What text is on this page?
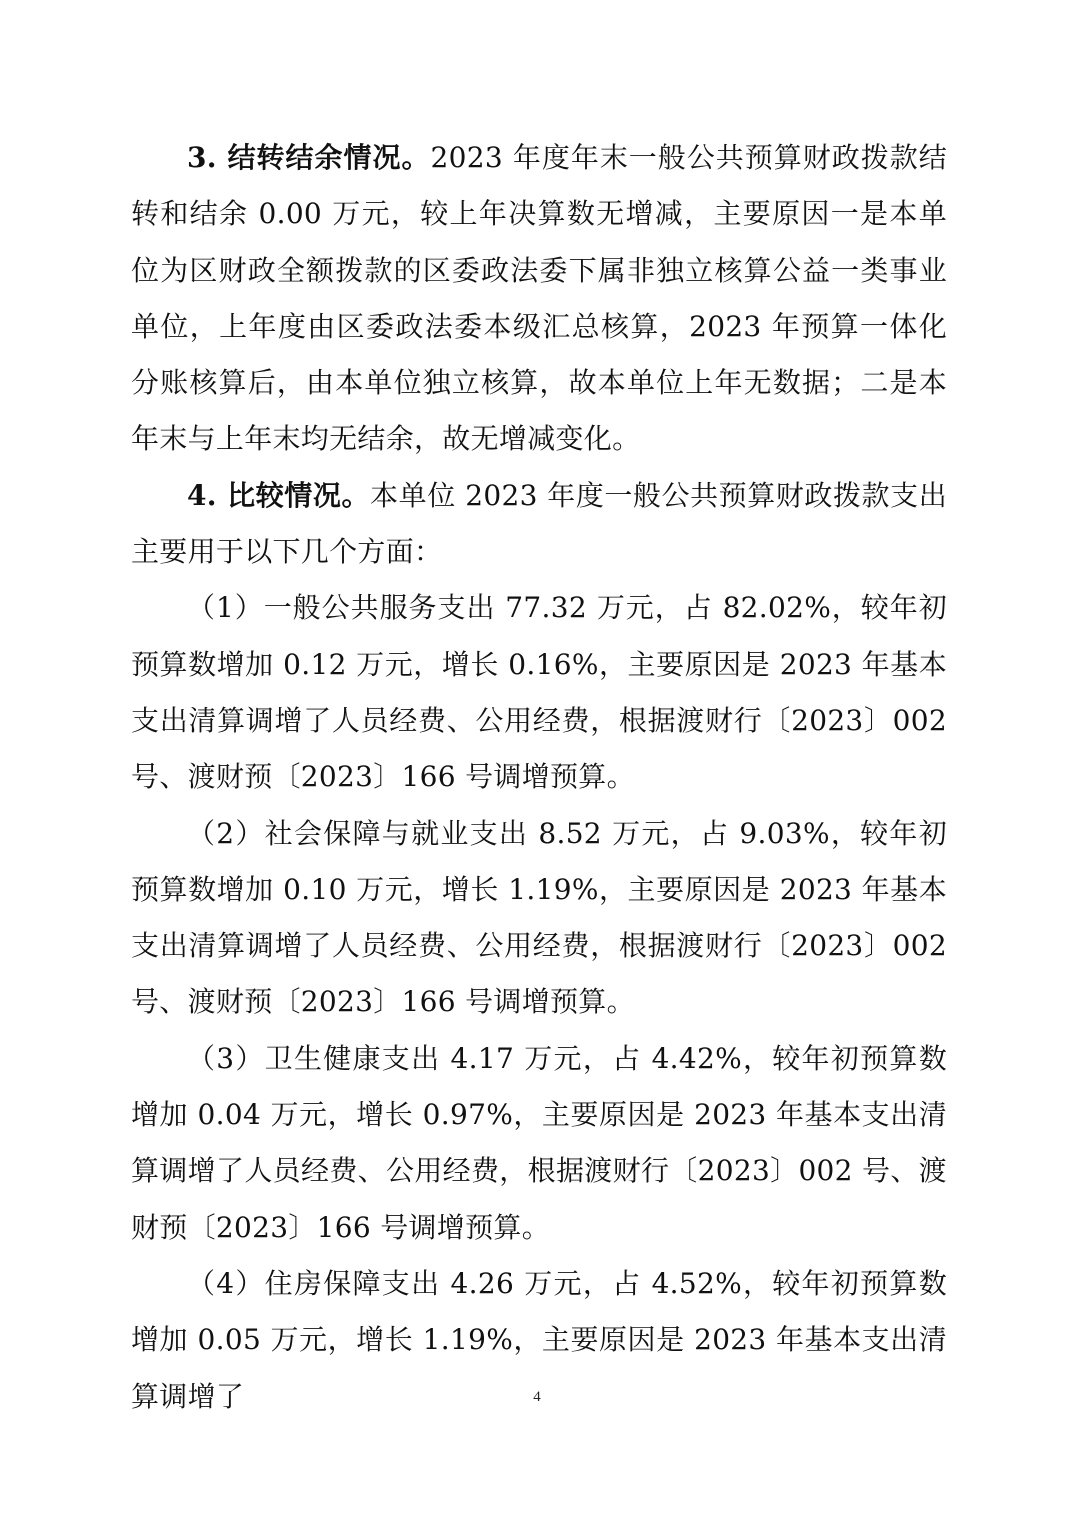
3. 结转结余情况。2023 年度年末一般公共预算财政拨款结转和结余 0.00 万元，较上年决算数无增减，主要原因一是本单位为区财政全额拨款的区委政法委下属非独立核算公益一类事业单位，上年度由区委政法委本级汇总核算，2023 年预算一体化分账核算后，由本单位独立核算，故本单位上年无数据；二是本年末与上年末均无结余，故无增减变化。

4. 比较情况。本单位 2023 年度一般公共预算财政拨款支出主要用于以下几个方面：

（1）一般公共服务支出 77.32 万元，占 82.02%，较年初预算数增加 0.12 万元，增长 0.16%，主要原因是 2023 年基本支出清算调增了人员经费、公用经费，根据渡财行〔2023〕002 号、渡财预〔2023〕166 号调增预算。

（2）社会保障与就业支出 8.52 万元，占 9.03%，较年初预算数增加 0.10 万元，增长 1.19%，主要原因是 2023 年基本支出清算调增了人员经费、公用经费，根据渡财行〔2023〕002 号、渡财预〔2023〕166 号调增预算。

（3）卫生健康支出 4.17 万元，占 4.42%，较年初预算数增加 0.04 万元，增长 0.97%，主要原因是 2023 年基本支出清算调增了人员经费、公用经费，根据渡财行〔2023〕002 号、渡财预〔2023〕166 号调增预算。

（4）住房保障支出 4.26 万元，占 4.52%，较年初预算数增加 0.05 万元，增长 1.19%，主要原因是 2023 年基本支出清算调增了	4
